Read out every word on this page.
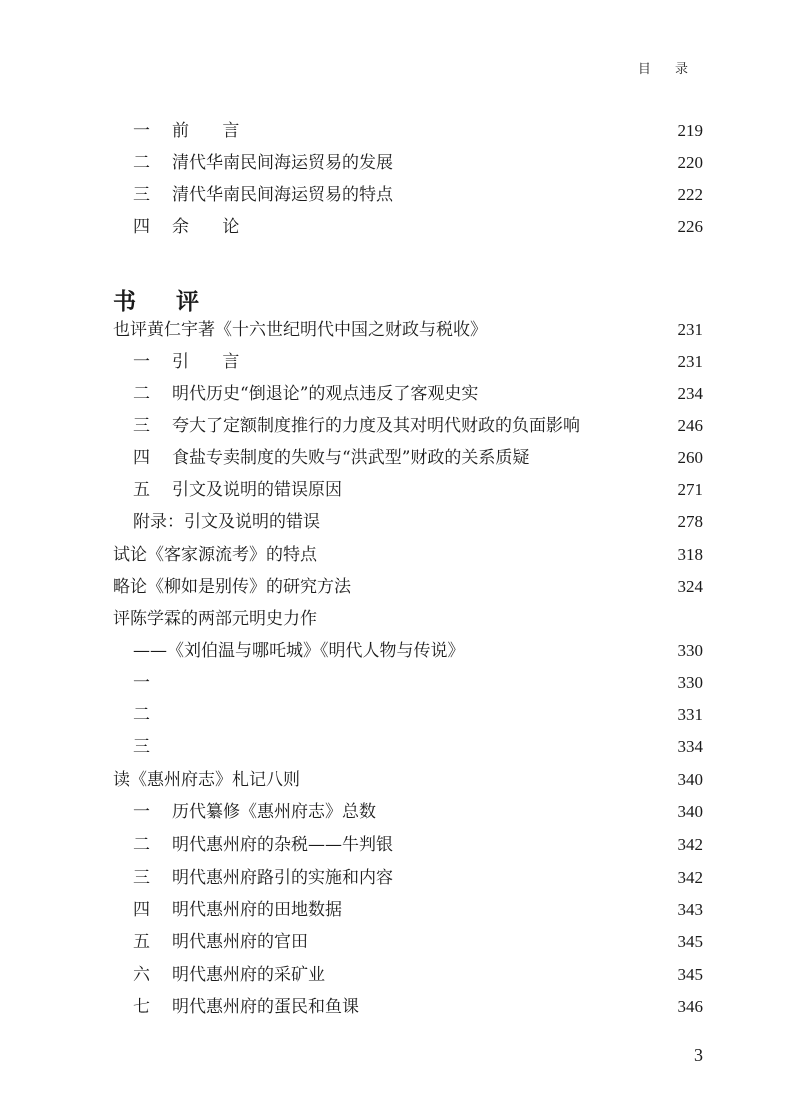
目 录
一	前 言	219
二	清代华南民间海运贸易的发展	220
三	清代华南民间海运贸易的特点	222
四	余 论	226
书 评
也评黄仁宇著《十六世纪明代中国之财政与税收》	231
一	引 言	231
二	明代历史“倒退论”的观点违反了客观史实	234
三	夸大了定额制度推行的力度及其对明代财政的负面影响	246
四	食盐专卖制度的失败与“洪武型”财政的关系质疑	260
五	引文及说明的错误原因	271
附录：引文及说明的错误	278
试论《客家源流考》的特点	318
略论《柳如是别传》的研究方法	324
评陈学霖的两部元明史力作
——《刘伯温与哪吒城》《明代人物与传说》	330
一	330
二	331
三	334
读《惠州府志》札记八则	340
一	历代纂修《惠州府志》总数	340
二	明代惠州府的杂税——牛判银	342
三	明代惠州府路引的实施和内容	342
四	明代惠州府的田地数据	343
五	明代惠州府的官田	345
六	明代惠州府的采矿业	345
七	明代惠州府的蛋民和鱼课	346
3
